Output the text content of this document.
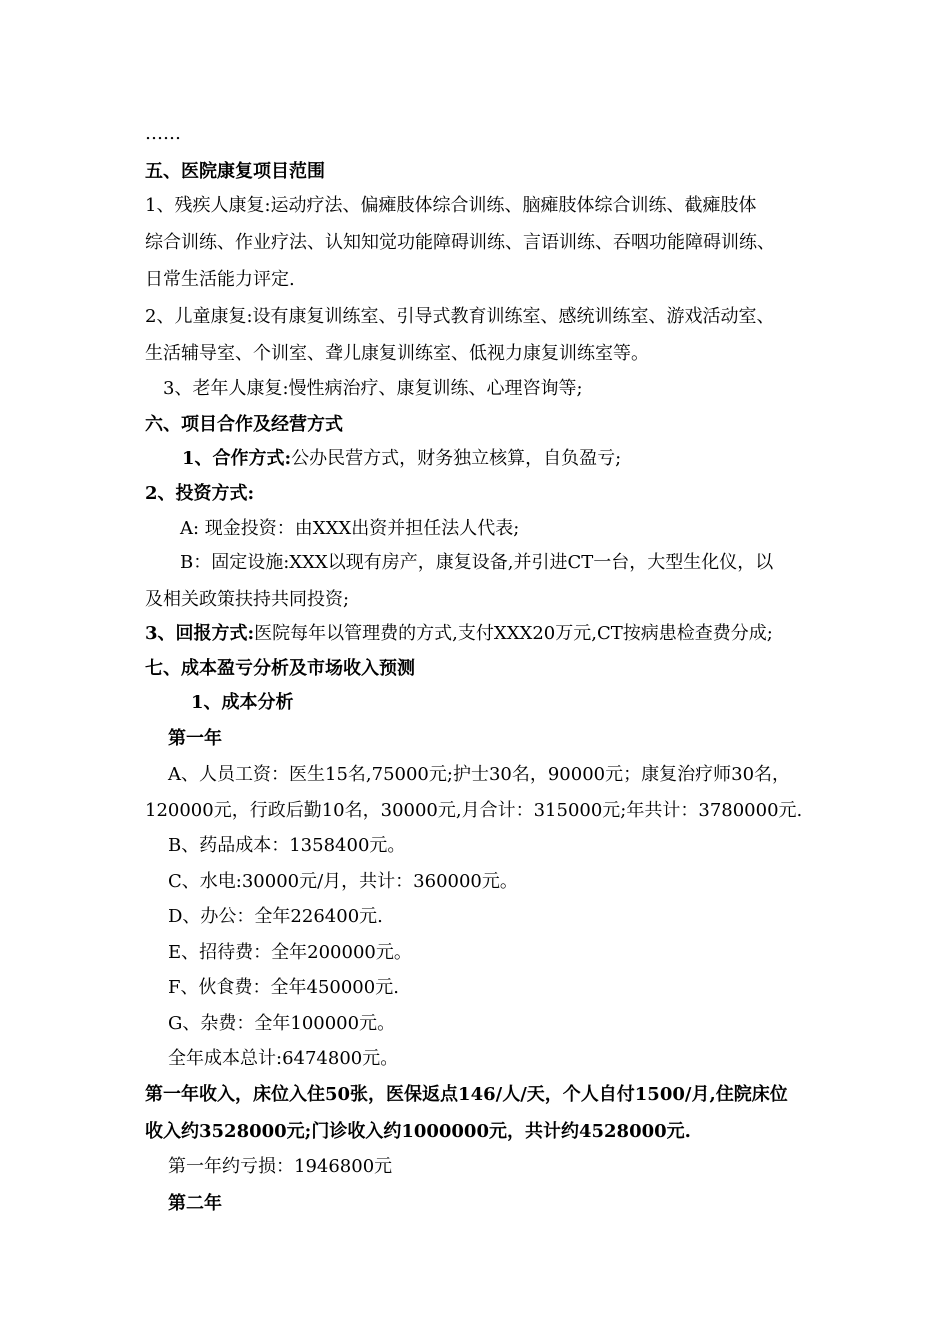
……
五、医院康复项目范围
1、残疾人康复:运动疗法、偏瘫肢体综合训练、脑瘫肢体综合训练、截瘫肢体
综合训练、作业疗法、认知知觉功能障碍训练、言语训练、吞咽功能障碍训练、
日常生活能力评定.
2、儿童康复:设有康复训练室、引导式教育训练室、感统训练室、游戏活动室、
生活辅导室、个训室、聋儿康复训练室、低视力康复训练室等。
3、老年人康复:慢性病治疗、康复训练、心理咨询等;
六、项目合作及经营方式
1、合作方式:公办民营方式，财务独立核算，自负盈亏;
2、投资方式:
A: 现金投资：由XXX出资并担任法人代表;
B：固定设施:XXX以现有房产，康复设备,并引进CT一台，大型生化仪，以
及相关政策扶持共同投资;
3、回报方式:医院每年以管理费的方式,支付XXX20万元,CT按病患检查费分成;
七、成本盈亏分析及市场收入预测
1、成本分析
第一年
A、人员工资：医生15名,75000元;护士30名，90000元；康复治疗师30名，
120000元，行政后勤10名，30000元,月合计：315000元;年共计：3780000元.
B、药品成本：1358400元。
C、水电:30000元/月，共计：360000元。
D、办公：全年226400元.
E、招待费：全年200000元。
F、伙食费：全年450000元.
G、杂费：全年100000元。
全年成本总计:6474800元。
第一年收入，床位入住50张，医保返点146/人/天，个人自付1500/月,住院床位
收入约3528000元;门诊收入约1000000元，共计约4528000元.
第一年约亏损：1946800元
第二年
